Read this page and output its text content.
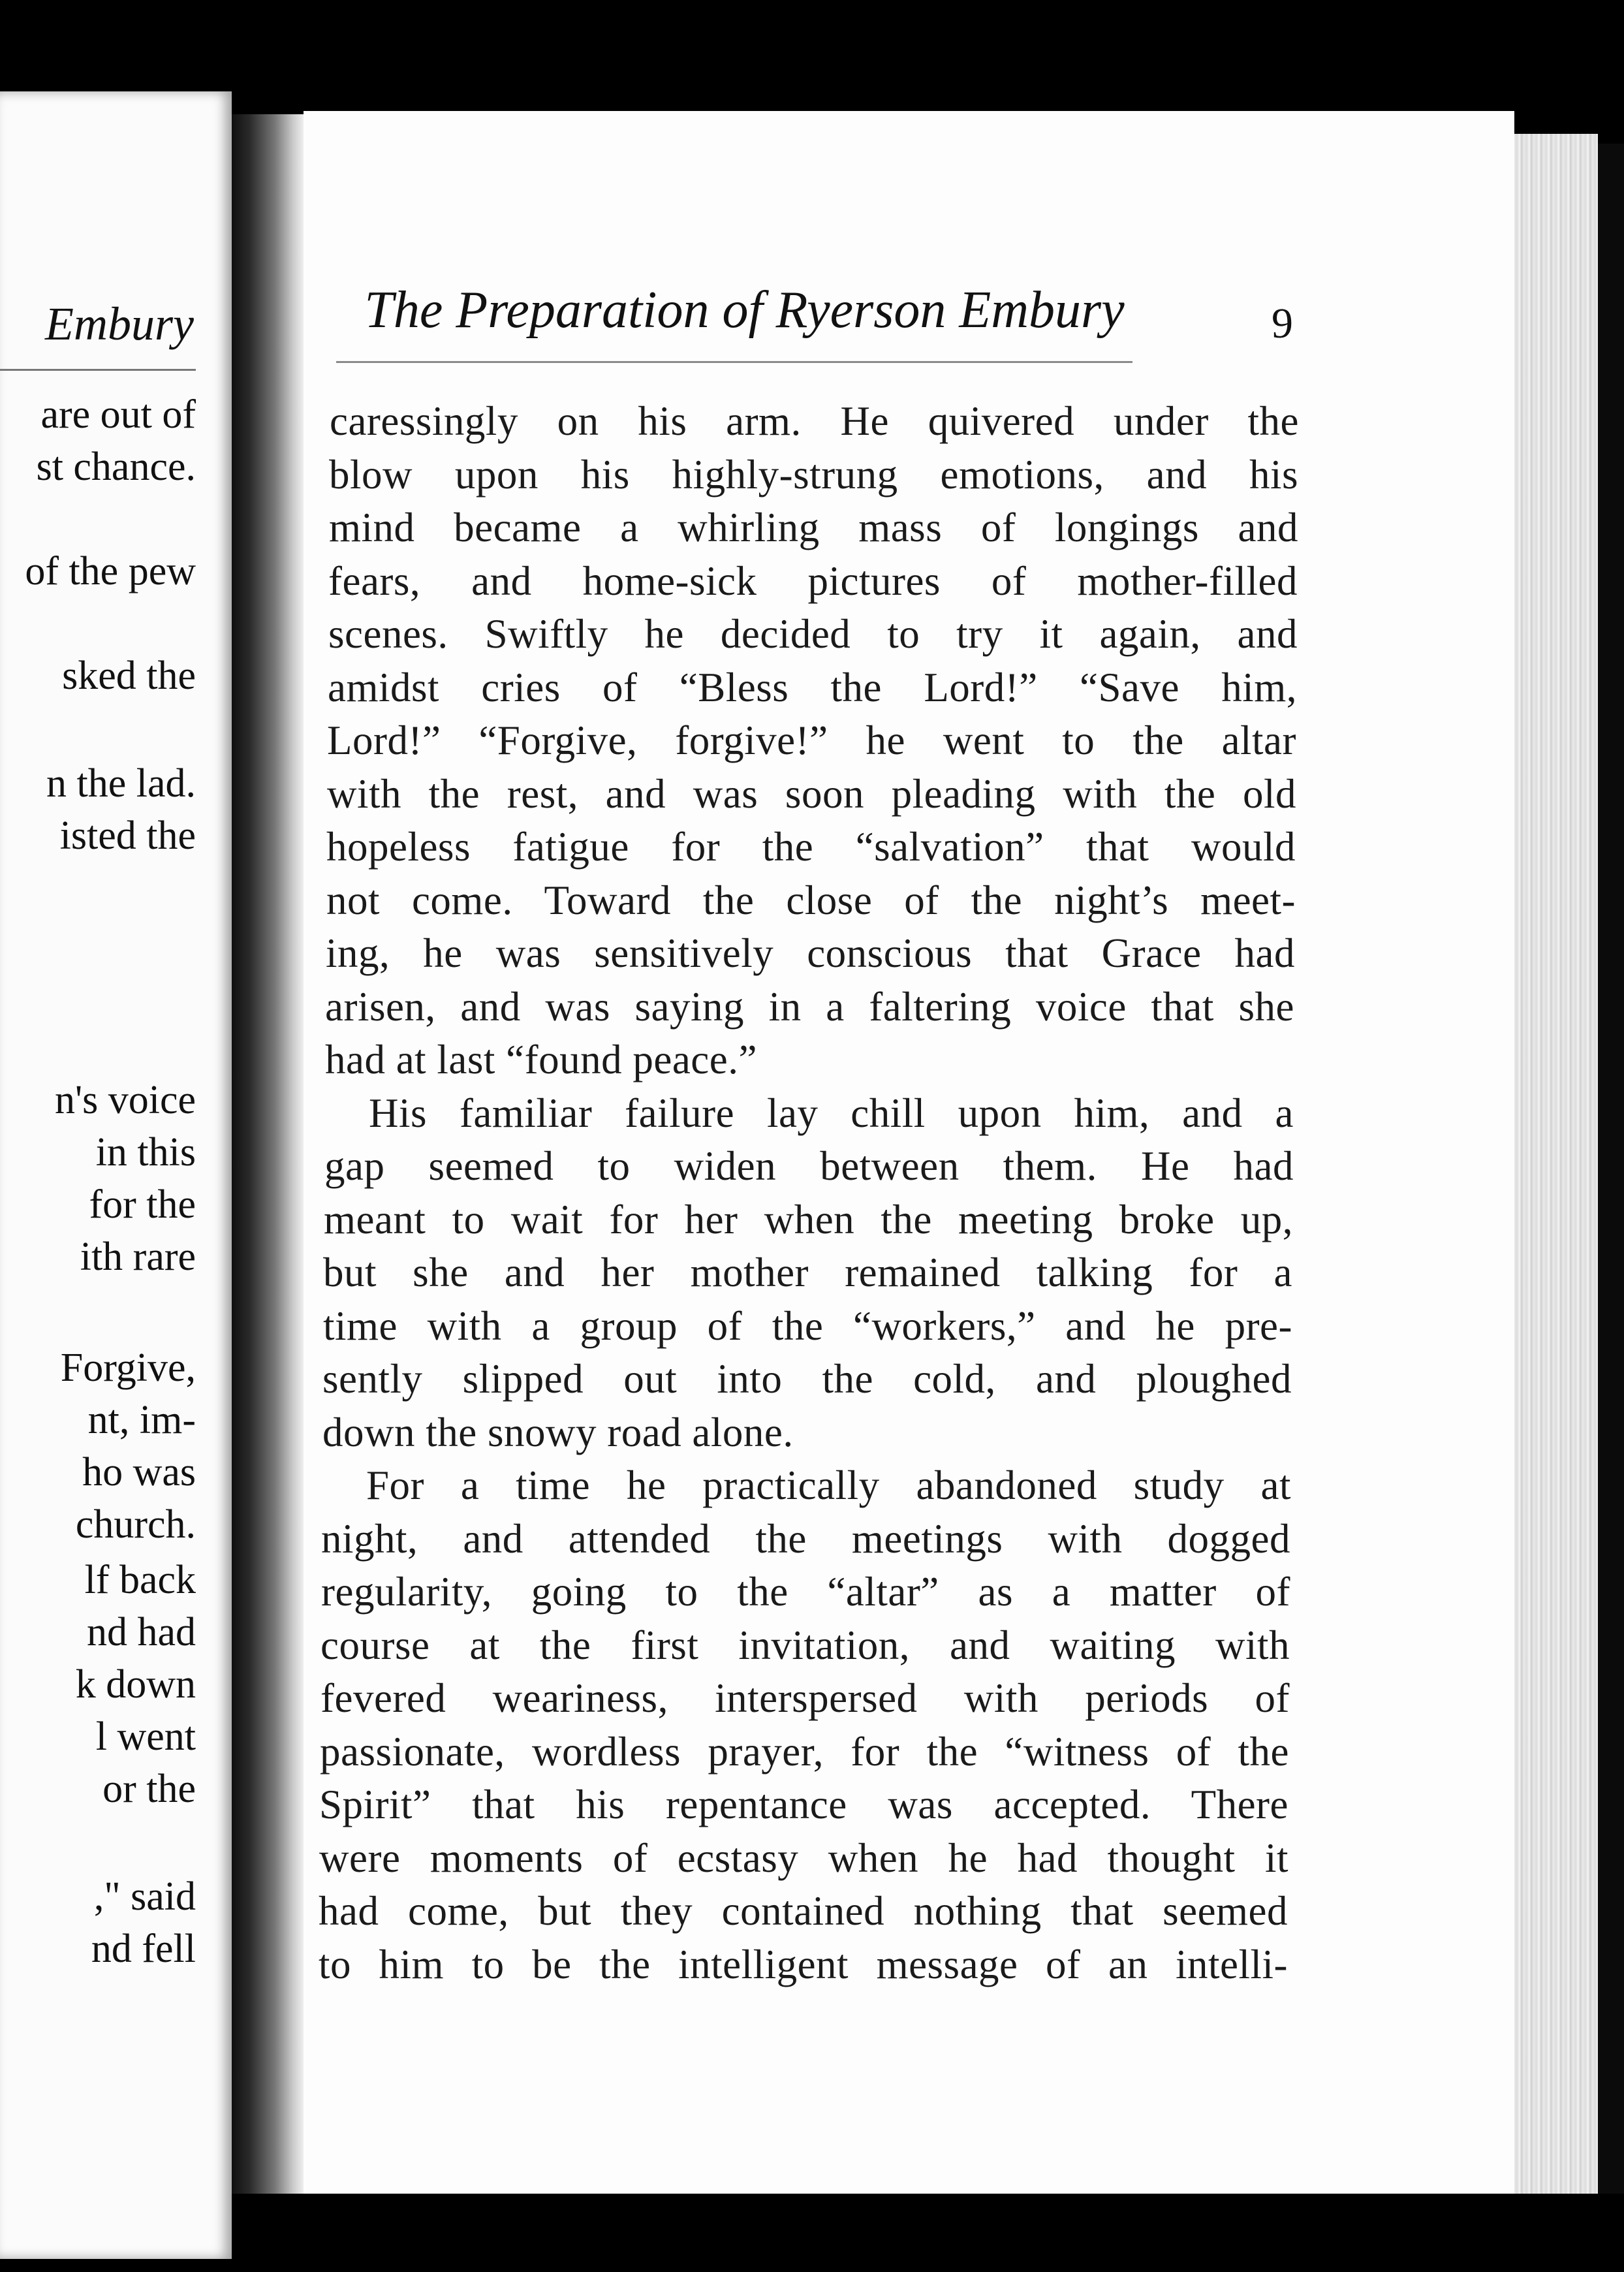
Embury
are out of
st chance.
of the pew
sked the
n the lad.
isted the
n's voice
in this
for the
ith rare
Forgive,
nt, im-
ho was
church.
lf back
nd had
k down
l went
or the
," said
nd fell
The Preparation of Ryerson Embury	9
caressingly on his arm. He quivered under the
blow upon his highly-strung emotions, and his
mind became a whirling mass of longings and
fears, and home-sick pictures of mother-filled
scenes. Swiftly he decided to try it again, and
amidst cries of “Bless the Lord!” “Save him,
Lord!” “Forgive, forgive!” he went to the altar
with the rest, and was soon pleading with the old
hopeless fatigue for the “salvation” that would
not come. Toward the close of the night’s meet-
ing, he was sensitively conscious that Grace had
arisen, and was saying in a faltering voice that she
had at last “found peace.”
His familiar failure lay chill upon him, and a
gap seemed to widen between them. He had
meant to wait for her when the meeting broke up,
but she and her mother remained talking for a
time with a group of the “workers,” and he pre-
sently slipped out into the cold, and ploughed
down the snowy road alone.
For a time he practically abandoned study at
night, and attended the meetings with dogged
regularity, going to the “altar” as a matter of
course at the first invitation, and waiting with
fevered weariness, interspersed with periods of
passionate, wordless prayer, for the “witness of the
Spirit” that his repentance was accepted. There
were moments of ecstasy when he had thought it
had come, but they contained nothing that seemed
to him to be the intelligent message of an intelli-
